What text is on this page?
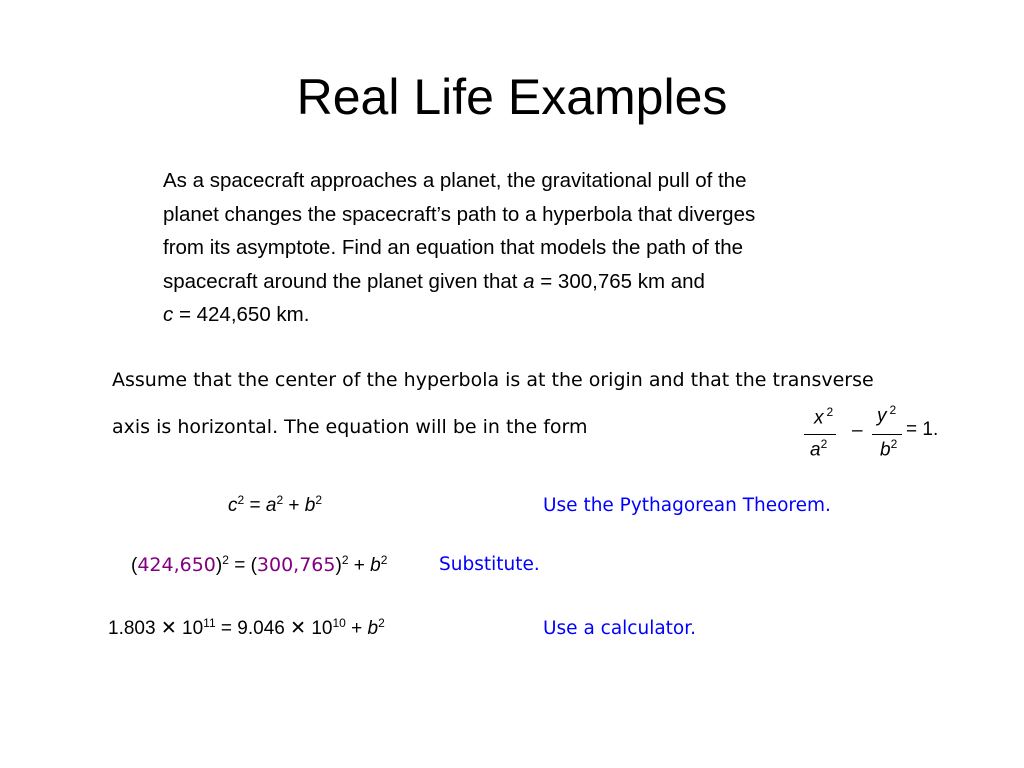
Real Life Examples
As a spacecraft approaches a planet, the gravitational pull of the
planet changes the spacecraft’s path to a hyperbola that diverges
from its asymptote. Find an equation that models the path of the
spacecraft around the planet given that a = 300,765 km and
c = 424,650 km.
Assume that the center of the hyperbola is at the origin and that the transverse
axis is horizontal. The equation will be in the form	x $^2$
$a^2$
–
y $^2$
$b^2$
= 1.
$c^2 = a^2 + b^2$	Use the Pythagorean Theorem.
$(424,650)^2 = (300,765)^2 + b^2$	Substitute.
1.803 ✕ $10^{11} = 9.046$ ✕ $10^{10} + b^2$	Use a calculator.
